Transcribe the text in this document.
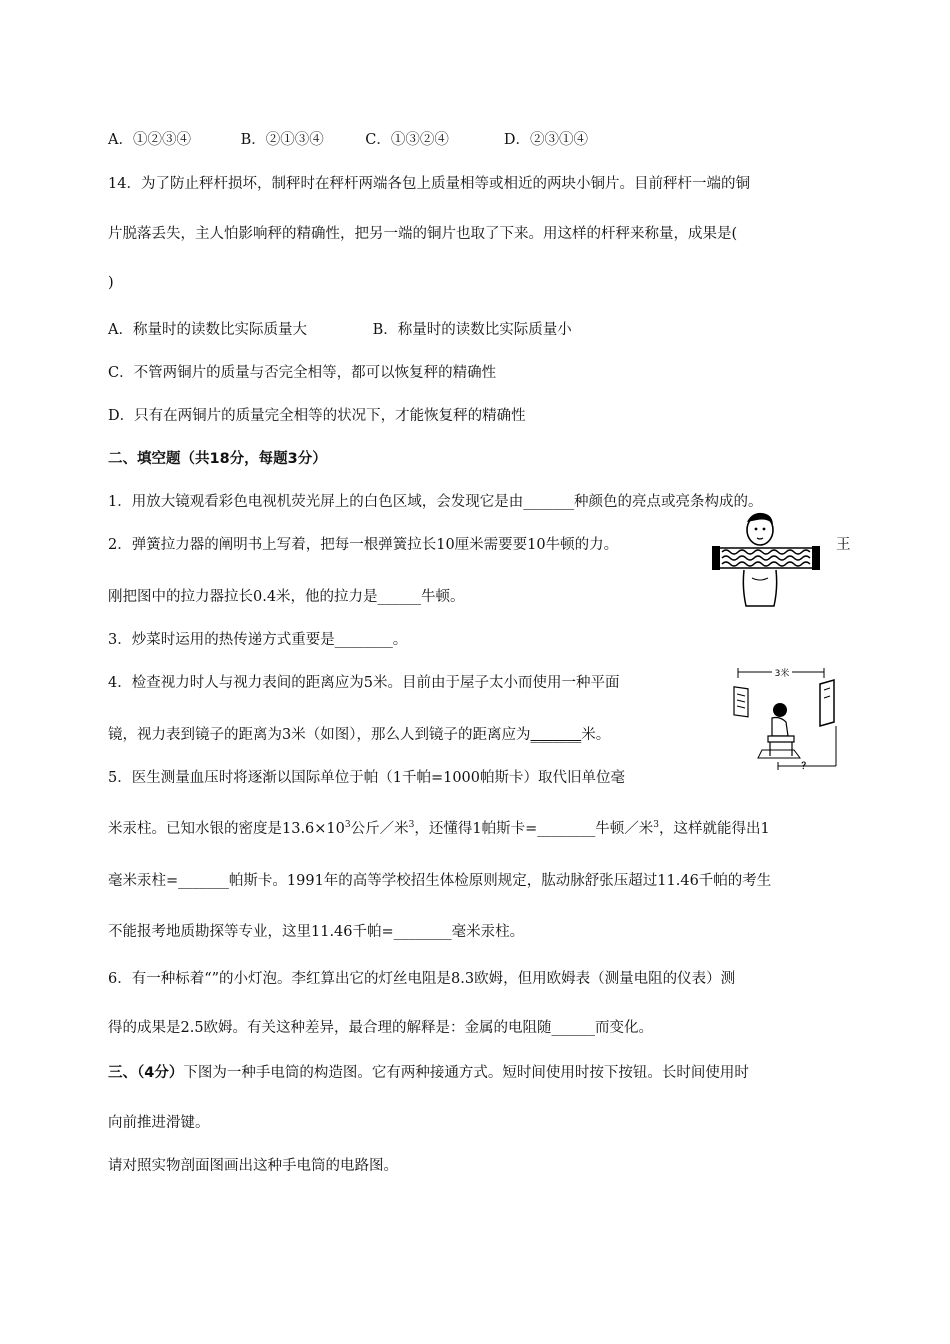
A．①②③④	B．②①③④	C．①③②④	D．②③①④
14．为了防止秤杆损坏，制秤时在秤杆两端各包上质量相等或相近的两块小铜片。目前秤杆一端的铜
片脱落丢失，主人怕影响秤的精确性，把另一端的铜片也取了下来。用这样的杆秤来称量，成果是(
)
A．称量时的读数比实际质量大	B．称量时的读数比实际质量小
C．不管两铜片的质量与否完全相等，都可以恢复秤的精确性
D．只有在两铜片的质量完全相等的状况下，才能恢复秤的精确性
二、填空题（共18分，每题3分）
1．用放大镜观看彩色电视机荧光屏上的白色区域，会发现它是由_______种颜色的亮点或亮条构成的。
2．弹簧拉力器的阐明书上写着，把每一根弹簧拉长10厘米需要要10牛顿的力。	王
刚把图中的拉力器拉长0.4米，他的拉力是______牛顿。
3．炒菜时运用的热传递方式重要是________。
4．检查视力时人与视力表间的距离应为5米。目前由于屋子太小而使用一种平面
镜，视力表到镜子的距离为3米（如图），那么人到镜子的距离应为_______米。
5．医生测量血压时将逐渐以国际单位于帕（1千帕=1000帕斯卡）取代旧单位毫
米汞柱。已知水银的密度是$13.6\times 10^3$公斤／米$^3$，还懂得1帕斯卡=________牛顿／米$^3$，这样就能得出1
毫米汞柱=_______帕斯卡。1991年的高等学校招生体检原则规定，肱动脉舒张压超过11.46千帕的考生
不能报考地质勘探等专业，这里11.46千帕=________毫米汞柱。
6．有一种标着“”的小灯泡。李红算出它的灯丝电阻是8.3欧姆，但用欧姆表（测量电阻的仪表）测
得的成果是2.5欧姆。有关这种差异，最合理的解释是：金属的电阻随______而变化。
三、（4分）下图为一种手电筒的构造图。它有两种接通方式。短时间使用时按下按钮。长时间使用时
向前推进滑键。
请对照实物剖面图画出这种手电筒的电路图。
3米
？
